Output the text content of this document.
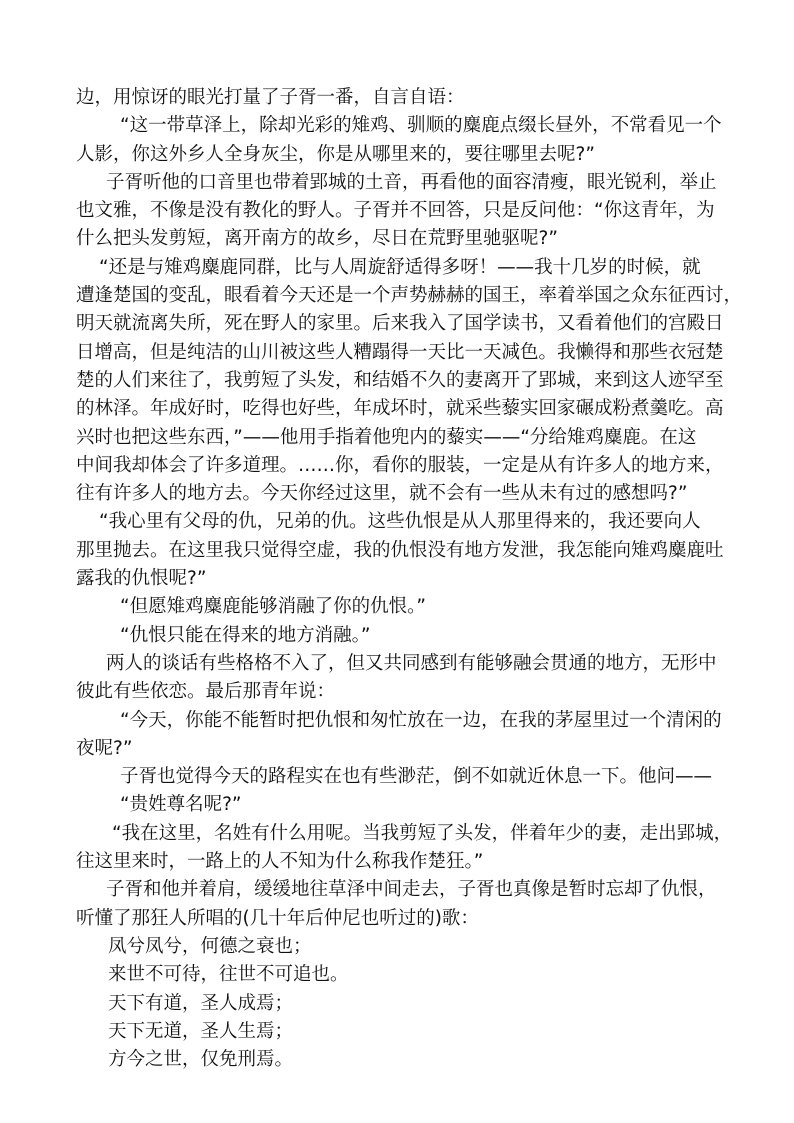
边，用惊讶的眼光打量了子胥一番，自言自语：
“这一带草泽上，除却光彩的雉鸡、驯顺的麋鹿点缀长昼外，不常看见一个
人影，你这外乡人全身灰尘，你是从哪里来的，要往哪里去呢?”
子胥听他的口音里也带着郢城的土音，再看他的面容清瘦，眼光锐利，举止
也文雅，不像是没有教化的野人。子胥并不回答，只是反问他：“你这青年，为
什么把头发剪短，离开南方的故乡，尽日在荒野里驰驱呢?”
“还是与雉鸡麋鹿同群，比与人周旋舒适得多呀！——我十几岁的时候，就
遭逢楚国的变乱，眼看着今天还是一个声势赫赫的国王，率着举国之众东征西讨，
明天就流离失所，死在野人的家里。后来我入了国学读书，又看着他们的宫殿日
日增高，但是纯洁的山川被这些人糟蹋得一天比一天减色。我懒得和那些衣冠楚
楚的人们来往了，我剪短了头发，和结婚不久的妻离开了郢城，来到这人迹罕至
的林泽。年成好时，吃得也好些，年成坏时，就采些藜实回家碾成粉煮羹吃。高
兴时也把这些东西，”——他用手指着他兜内的藜实——“分给雉鸡麋鹿。在这
中间我却体会了许多道理。……你，看你的服装，一定是从有许多人的地方来，
往有许多人的地方去。今天你经过这里，就不会有一些从未有过的感想吗?”
“我心里有父母的仇，兄弟的仇。这些仇恨是从人那里得来的，我还要向人
那里抛去。在这里我只觉得空虚，我的仇恨没有地方发泄，我怎能向雉鸡麋鹿吐
露我的仇恨呢?”
“但愿雉鸡麋鹿能够消融了你的仇恨。”
“仇恨只能在得来的地方消融。”
两人的谈话有些格格不入了，但又共同感到有能够融会贯通的地方，无形中
彼此有些依恋。最后那青年说：
“今天，你能不能暂时把仇恨和匆忙放在一边，在我的茅屋里过一个清闲的
夜呢?”
子胥也觉得今天的路程实在也有些渺茫，倒不如就近休息一下。他问——
“贵姓尊名呢?”
“我在这里，名姓有什么用呢。当我剪短了头发，伴着年少的妻，走出郢城，
往这里来时，一路上的人不知为什么称我作楚狂。”
子胥和他并着肩，缓缓地往草泽中间走去，子胥也真像是暂时忘却了仇恨，
听懂了那狂人所唱的(几十年后仲尼也听过的)歌：
凤兮凤兮，何德之衰也；
来世不可待，往世不可追也。
天下有道，圣人成焉；
天下无道，圣人生焉；
方今之世，仅免刑焉。
